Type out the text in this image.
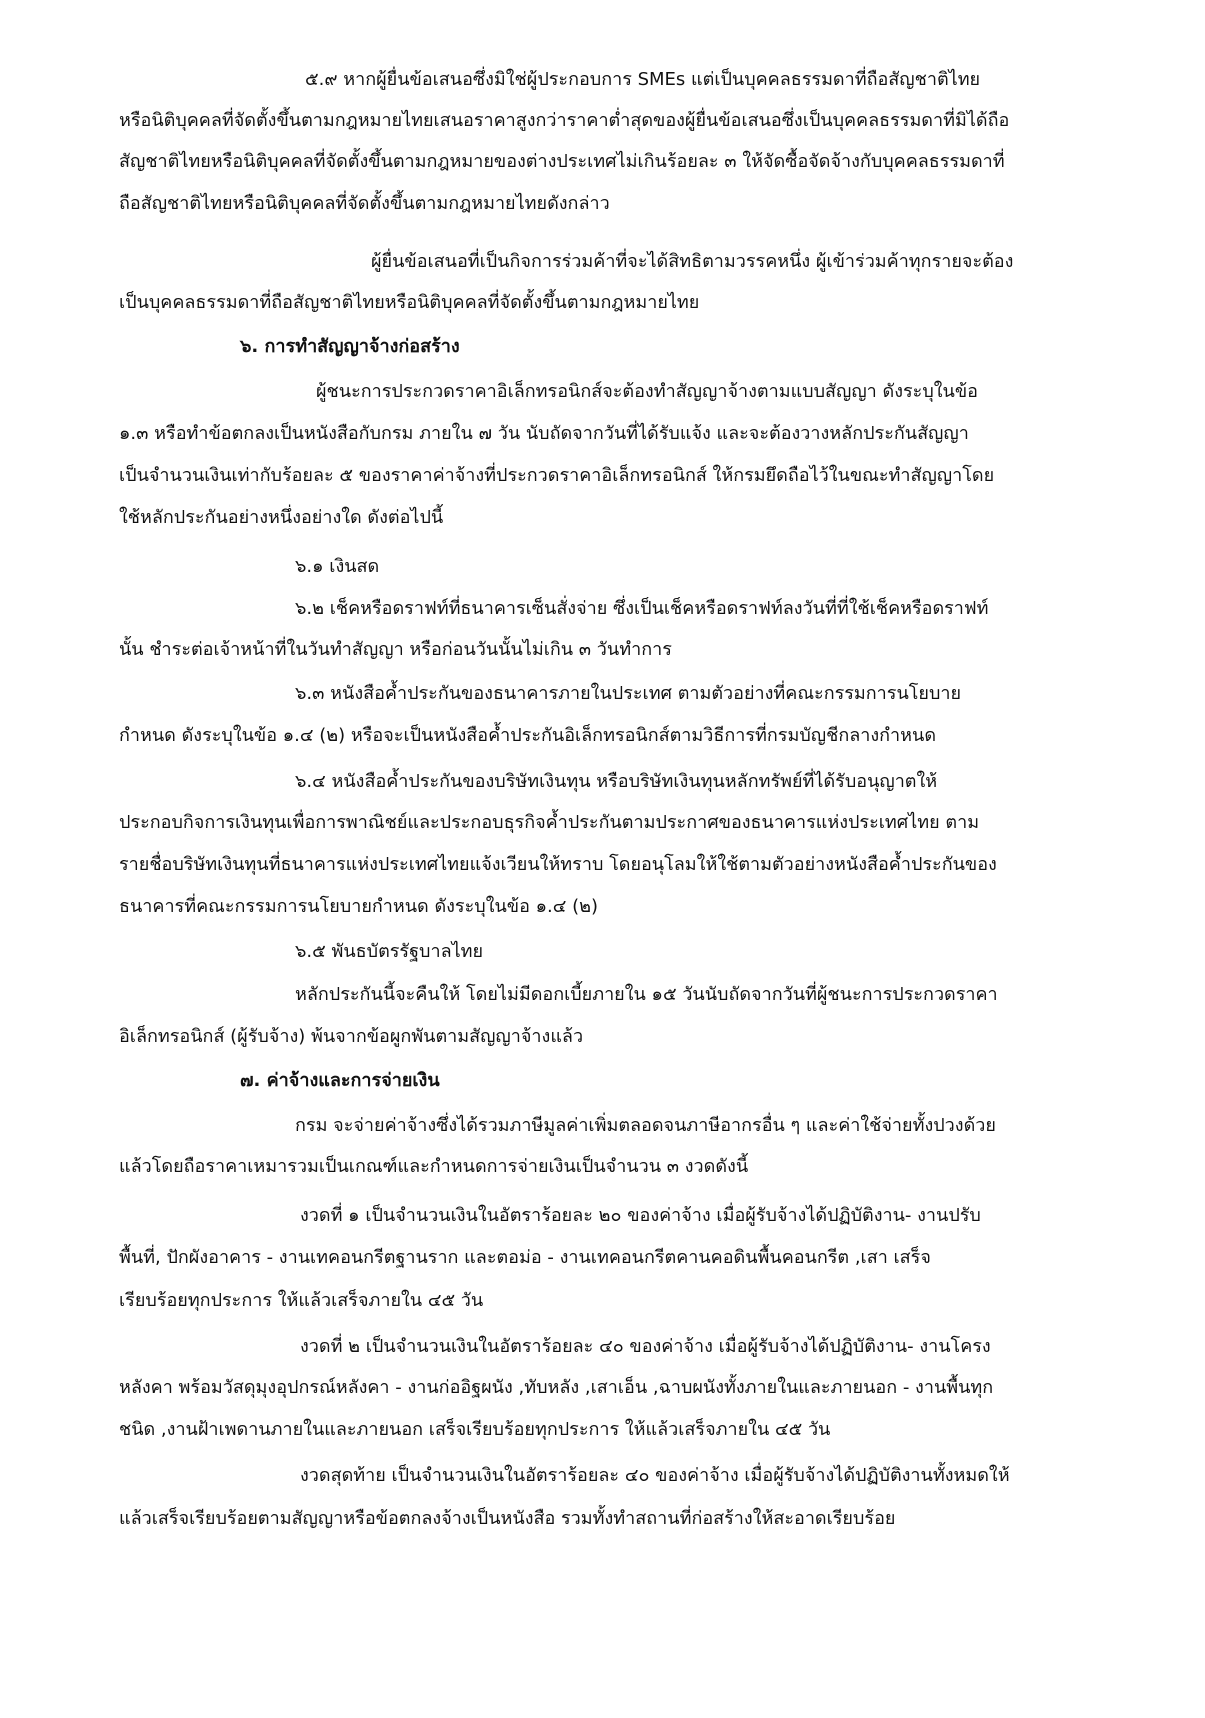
๕.๙ หากผู้ยื่นข้อเสนอซึ่งมิใช่ผู้ประกอบการ SMEs แต่เป็นบุคคลธรรมดาที่ถือสัญชาติไทย
หรือนิติบุคคลที่จัดตั้งขึ้นตามกฎหมายไทยเสนอราคาสูงกว่าราคาต่ำสุดของผู้ยื่นข้อเสนอซึ่งเป็นบุคคลธรรมดาที่มิได้ถือ
สัญชาติไทยหรือนิติบุคคลที่จัดตั้งขึ้นตามกฎหมายของต่างประเทศไม่เกินร้อยละ ๓ ให้จัดซื้อจัดจ้างกับบุคคลธรรมดาที่
ถือสัญชาติไทยหรือนิติบุคคลที่จัดตั้งขึ้นตามกฎหมายไทยดังกล่าว
ผู้ยื่นข้อเสนอที่เป็นกิจการร่วมค้าที่จะได้สิทธิตามวรรคหนึ่ง ผู้เข้าร่วมค้าทุกรายจะต้อง
เป็นบุคคลธรรมดาที่ถือสัญชาติไทยหรือนิติบุคคลที่จัดตั้งขึ้นตามกฎหมายไทย
๖. การทำสัญญาจ้างก่อสร้าง
ผู้ชนะการประกวดราคาอิเล็กทรอนิกส์จะต้องทำสัญญาจ้างตามแบบสัญญา ดังระบุในข้อ
๑.๓ หรือทำข้อตกลงเป็นหนังสือกับกรม ภายใน ๗ วัน นับถัดจากวันที่ได้รับแจ้ง และจะต้องวางหลักประกันสัญญา
เป็นจำนวนเงินเท่ากับร้อยละ ๕ ของราคาค่าจ้างที่ประกวดราคาอิเล็กทรอนิกส์ ให้กรมยึดถือไว้ในขณะทำสัญญาโดย
ใช้หลักประกันอย่างหนึ่งอย่างใด ดังต่อไปนี้
๖.๑ เงินสด
๖.๒ เช็คหรือดราฟท์ที่ธนาคารเซ็นสั่งจ่าย ซึ่งเป็นเช็คหรือดราฟท์ลงวันที่ที่ใช้เช็คหรือดราฟท์
นั้น ชำระต่อเจ้าหน้าที่ในวันทำสัญญา หรือก่อนวันนั้นไม่เกิน ๓ วันทำการ
๖.๓ หนังสือค้ำประกันของธนาคารภายในประเทศ ตามตัวอย่างที่คณะกรรมการนโยบาย
กำหนด ดังระบุในข้อ ๑.๔ (๒) หรือจะเป็นหนังสือค้ำประกันอิเล็กทรอนิกส์ตามวิธีการที่กรมบัญชีกลางกำหนด
๖.๔ หนังสือค้ำประกันของบริษัทเงินทุน หรือบริษัทเงินทุนหลักทรัพย์ที่ได้รับอนุญาตให้
ประกอบกิจการเงินทุนเพื่อการพาณิชย์และประกอบธุรกิจค้ำประกันตามประกาศของธนาคารแห่งประเทศไทย ตาม
รายชื่อบริษัทเงินทุนที่ธนาคารแห่งประเทศไทยแจ้งเวียนให้ทราบ โดยอนุโลมให้ใช้ตามตัวอย่างหนังสือค้ำประกันของ
ธนาคารที่คณะกรรมการนโยบายกำหนด ดังระบุในข้อ ๑.๔ (๒)
๖.๕ พันธบัตรรัฐบาลไทย
หลักประกันนี้จะคืนให้ โดยไม่มีดอกเบี้ยภายใน ๑๕ วันนับถัดจากวันที่ผู้ชนะการประกวดราคา
อิเล็กทรอนิกส์ (ผู้รับจ้าง) พ้นจากข้อผูกพันตามสัญญาจ้างแล้ว
๗. ค่าจ้างและการจ่ายเงิน
กรม จะจ่ายค่าจ้างซึ่งได้รวมภาษีมูลค่าเพิ่มตลอดจนภาษีอากรอื่น ๆ และค่าใช้จ่ายทั้งปวงด้วย
แล้วโดยถือราคาเหมารวมเป็นเกณฑ์และกำหนดการจ่ายเงินเป็นจำนวน ๓ งวดดังนี้
งวดที่ ๑ เป็นจำนวนเงินในอัตราร้อยละ ๒๐ ของค่าจ้าง เมื่อผู้รับจ้างได้ปฏิบัติงาน- งานปรับ
พื้นที่, ปักผังอาคาร - งานเทคอนกรีตฐานราก และตอม่อ - งานเทคอนกรีตคานคอดินพื้นคอนกรีต ,เสา เสร็จ
เรียบร้อยทุกประการ ให้แล้วเสร็จภายใน ๔๕ วัน
งวดที่ ๒ เป็นจำนวนเงินในอัตราร้อยละ ๔๐ ของค่าจ้าง เมื่อผู้รับจ้างได้ปฏิบัติงาน- งานโครง
หลังคา พร้อมวัสดุมุงอุปกรณ์หลังคา - งานก่ออิฐผนัง ,ทับหลัง ,เสาเอ็น ,ฉาบผนังทั้งภายในและภายนอก - งานพื้นทุก
ชนิด ,งานฝ้าเพดานภายในและภายนอก เสร็จเรียบร้อยทุกประการ ให้แล้วเสร็จภายใน ๔๕ วัน
งวดสุดท้าย เป็นจำนวนเงินในอัตราร้อยละ ๔๐ ของค่าจ้าง เมื่อผู้รับจ้างได้ปฏิบัติงานทั้งหมดให้
แล้วเสร็จเรียบร้อยตามสัญญาหรือข้อตกลงจ้างเป็นหนังสือ รวมทั้งทำสถานที่ก่อสร้างให้สะอาดเรียบร้อย
